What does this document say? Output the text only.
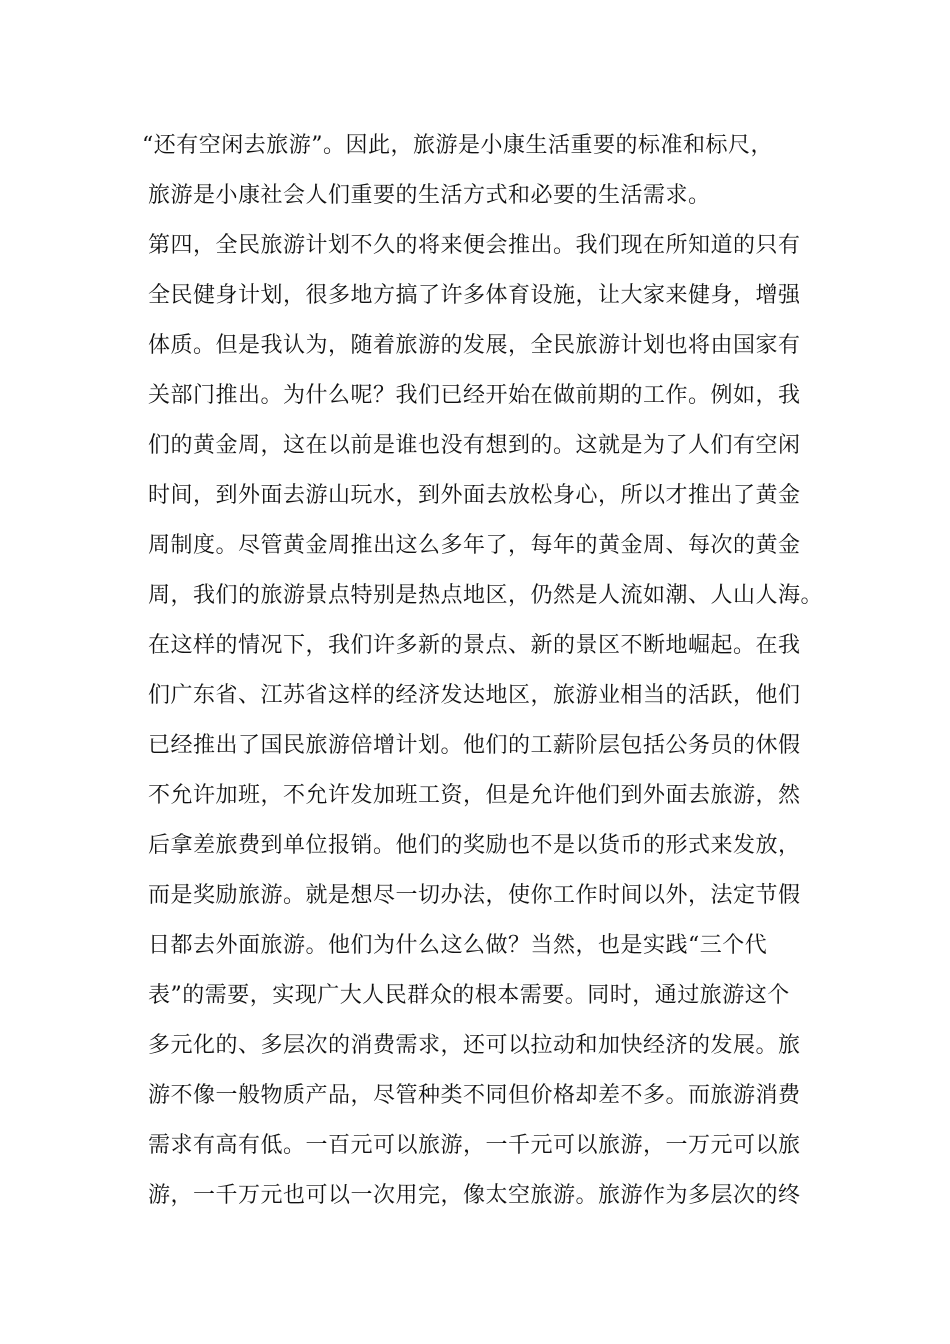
“还有空闲去旅游”。因此，旅游是小康生活重要的标准和标尺，
旅游是小康社会人们重要的生活方式和必要的生活需求。
第四，全民旅游计划不久的将来便会推出。我们现在所知道的只有
全民健身计划，很多地方搞了许多体育设施，让大家来健身，增强
体质。但是我认为，随着旅游的发展，全民旅游计划也将由国家有
关部门推出。为什么呢？我们已经开始在做前期的工作。例如，我
们的黄金周，这在以前是谁也没有想到的。这就是为了人们有空闲
时间，到外面去游山玩水，到外面去放松身心，所以才推出了黄金
周制度。尽管黄金周推出这么多年了，每年的黄金周、每次的黄金
周，我们的旅游景点特别是热点地区，仍然是人流如潮、人山人海。
在这样的情况下，我们许多新的景点、新的景区不断地崛起。在我
们广东省、江苏省这样的经济发达地区，旅游业相当的活跃，他们
已经推出了国民旅游倍增计划。他们的工薪阶层包括公务员的休假
不允许加班，不允许发加班工资，但是允许他们到外面去旅游，然
后拿差旅费到单位报销。他们的奖励也不是以货币的形式来发放，
而是奖励旅游。就是想尽一切办法，使你工作时间以外，法定节假
日都去外面旅游。他们为什么这么做？当然，也是实践“三个代
表”的需要，实现广大人民群众的根本需要。同时，通过旅游这个
多元化的、多层次的消费需求，还可以拉动和加快经济的发展。旅
游不像一般物质产品，尽管种类不同但价格却差不多。而旅游消费
需求有高有低。一百元可以旅游，一千元可以旅游，一万元可以旅
游，一千万元也可以一次用完，像太空旅游。旅游作为多层次的终
